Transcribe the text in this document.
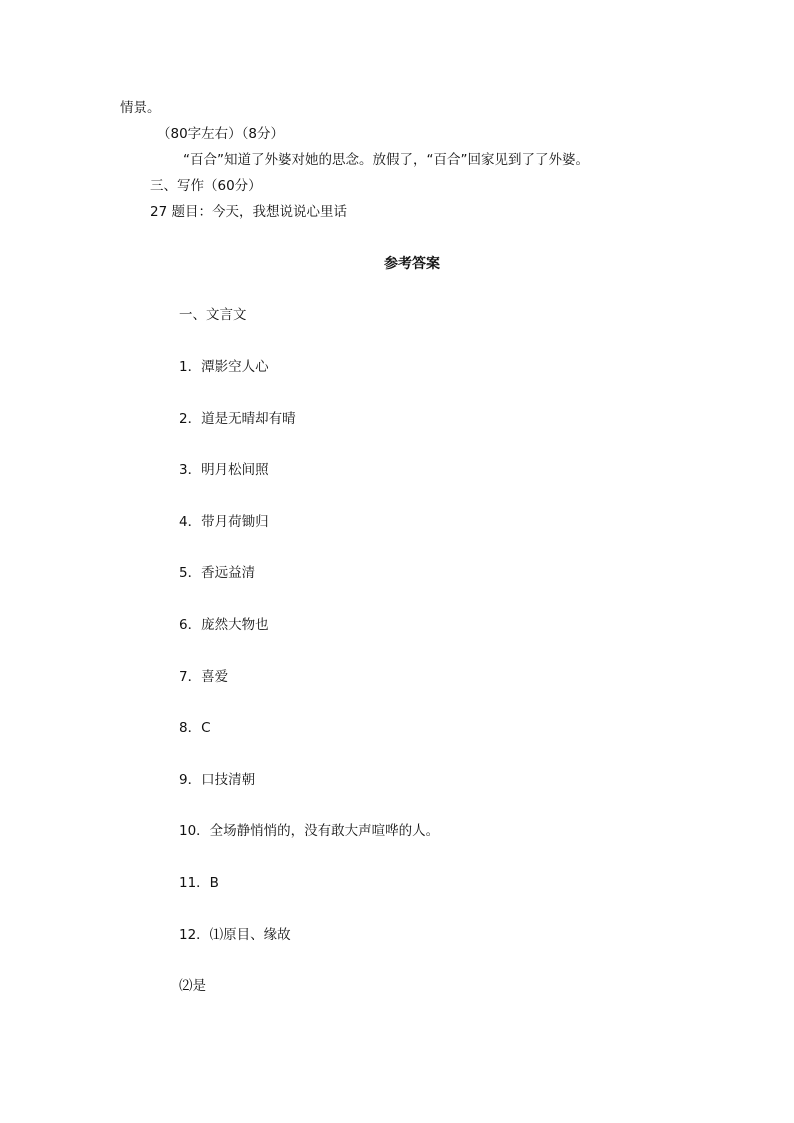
情景。
（80字左右）（8分）
“百合”知道了外婆对她的思念。放假了，“百合”回家见到了了外婆。
三、写作（60分）
27 题目：今天，我想说说心里话
参考答案
一、文言文
1．潭影空人心
2．道是无晴却有晴
3．明月松间照
4．带月荷锄归
5．香远益清
6．庞然大物也
7．喜爱
8．C
9．口技清朝
10．全场静悄悄的，没有敢大声喧哗的人。
11．B
12．⑴原目、缘故
⑵是
